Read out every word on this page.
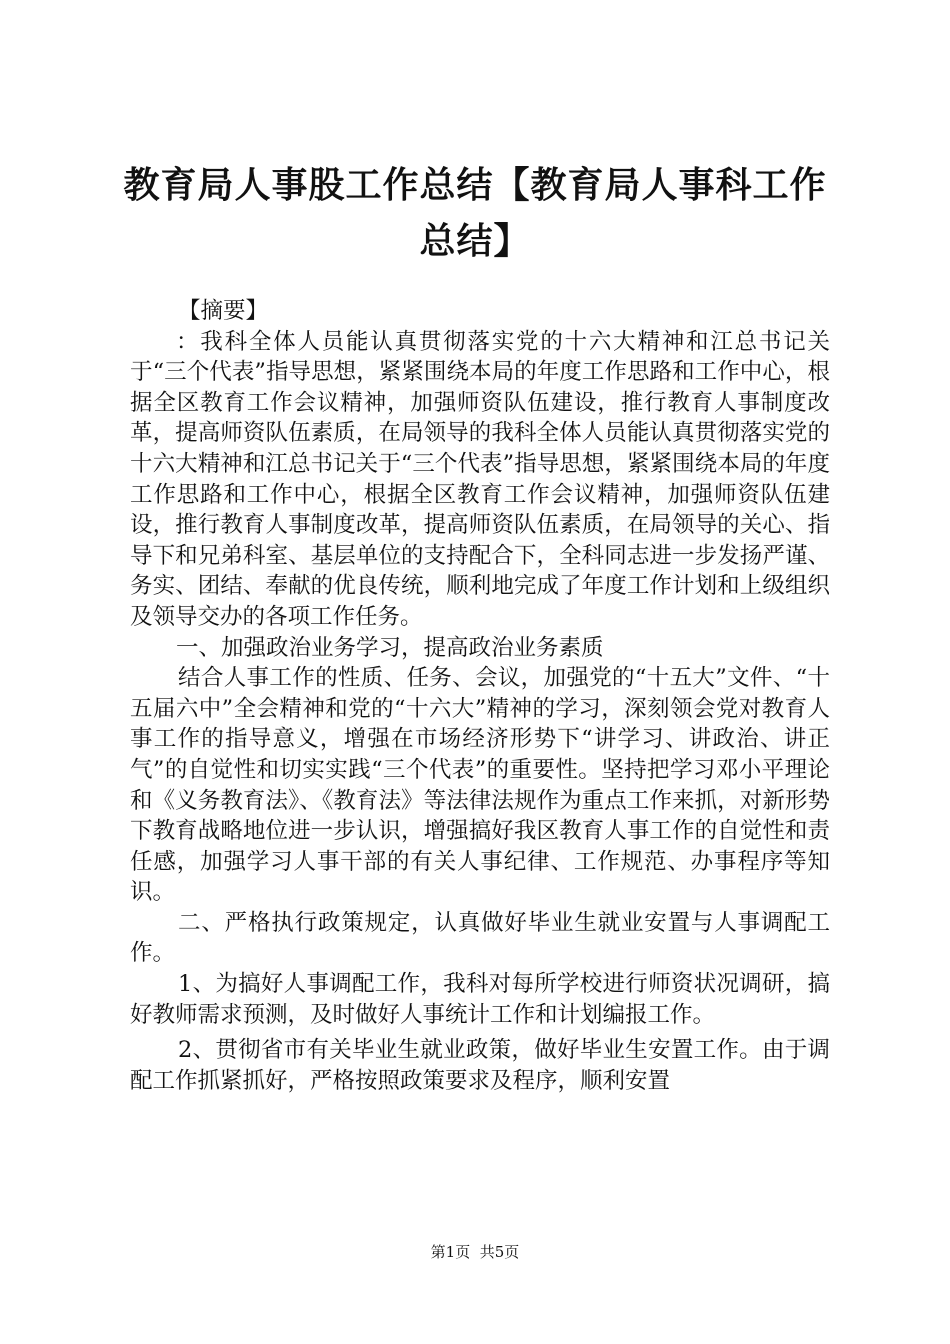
教育局人事股工作总结【教育局人事科工作总结】

【摘要】

：我科全体人员能认真贯彻落实党的十六大精神和江总书记关于“三个代表”指导思想，紧紧围绕本局的年度工作思路和工作中心，根据全区教育工作会议精神，加强师资队伍建设，推行教育人事制度改革，提高师资队伍素质，在局领导的我科全体人员能认真贯彻落实党的十六大精神和江总书记关于“三个代表”指导思想，紧紧围绕本局的年度工作思路和工作中心，根据全区教育工作会议精神，加强师资队伍建设，推行教育人事制度改革，提高师资队伍素质，在局领导的关心、指导下和兄弟科室、基层单位的支持配合下，全科同志进一步发扬严谨、务实、团结、奉献的优良传统，顺利地完成了年度工作计划和上级组织及领导交办的各项工作任务。

一、加强政治业务学习，提高政治业务素质

结合人事工作的性质、任务、会议，加强党的“十五大”文件、“十五届六中”全会精神和党的“十六大”精神的学习，深刻领会党对教育人事工作的指导意义，增强在市场经济形势下“讲学习、讲政治、讲正气”的自觉性和切实实践“三个代表”的重要性。坚持把学习邓小平理论和《义务教育法》、《教育法》等法律法规作为重点工作来抓，对新形势下教育战略地位进一步认识，增强搞好我区教育人事工作的自觉性和责任感，加强学习人事干部的有关人事纪律、工作规范、办事程序等知识。

二、严格执行政策规定，认真做好毕业生就业安置与人事调配工作。

1、为搞好人事调配工作，我科对每所学校进行师资状况调研，搞好教师需求预测，及时做好人事统计工作和计划编报工作。

2、贯彻省市有关毕业生就业政策，做好毕业生安置工作。由于调配工作抓紧抓好，严格按照政策要求及程序，顺利安置

第1页 共5页
